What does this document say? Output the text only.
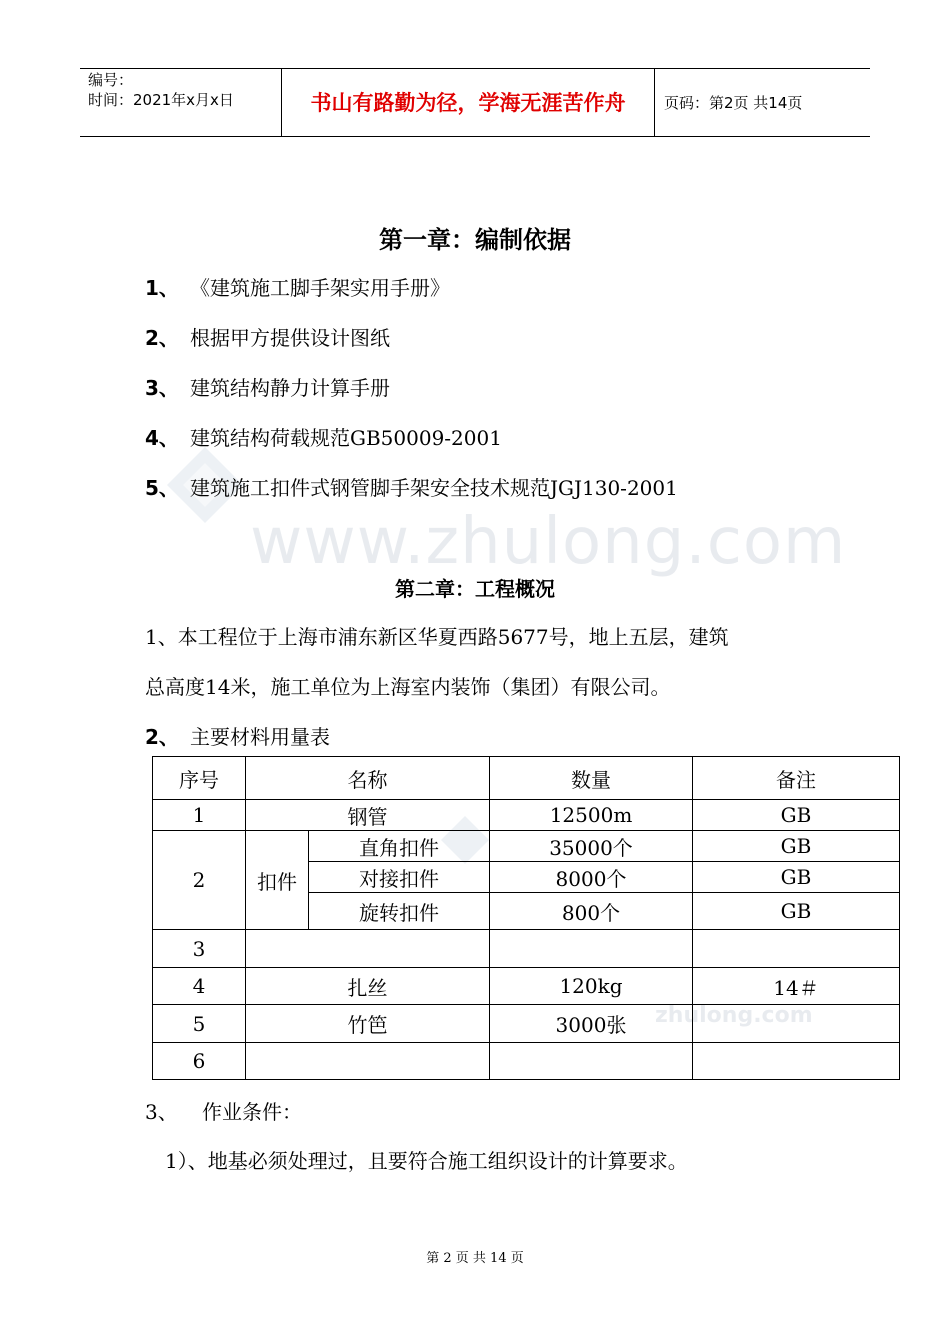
编号：
时间：2021年x月x日	书山有路勤为径，学海无涯苦作舟	页码：第2页 共14页
www.zhulong.com
zhulong.com
第一章：编制依据
1、 《建筑施工脚手架实用手册》
2、 根据甲方提供设计图纸
3、 建筑结构静力计算手册
4、 建筑结构荷载规范GB50009-2001
5、 建筑施工扣件式钢管脚手架安全技术规范JGJ130-2001
第二章：工程概况
1、本工程位于上海市浦东新区华夏西路5677号，地上五层，建筑
总高度14米，施工单位为上海室内装饰（集团）有限公司。
2、 主要材料用量表
序号	名称		数量	备注
1	钢管		12500m	GB
2	扣件	直角扣件	35000个	GB
		对接扣件	8000个	GB
		旋转扣件	800个	GB
3				
4	扎丝		120kg	14＃
5	竹笆		3000张	
6				
3、 作业条件：
1）、地基必须处理过，且要符合施工组织设计的计算要求。
第 2 页 共 14 页
